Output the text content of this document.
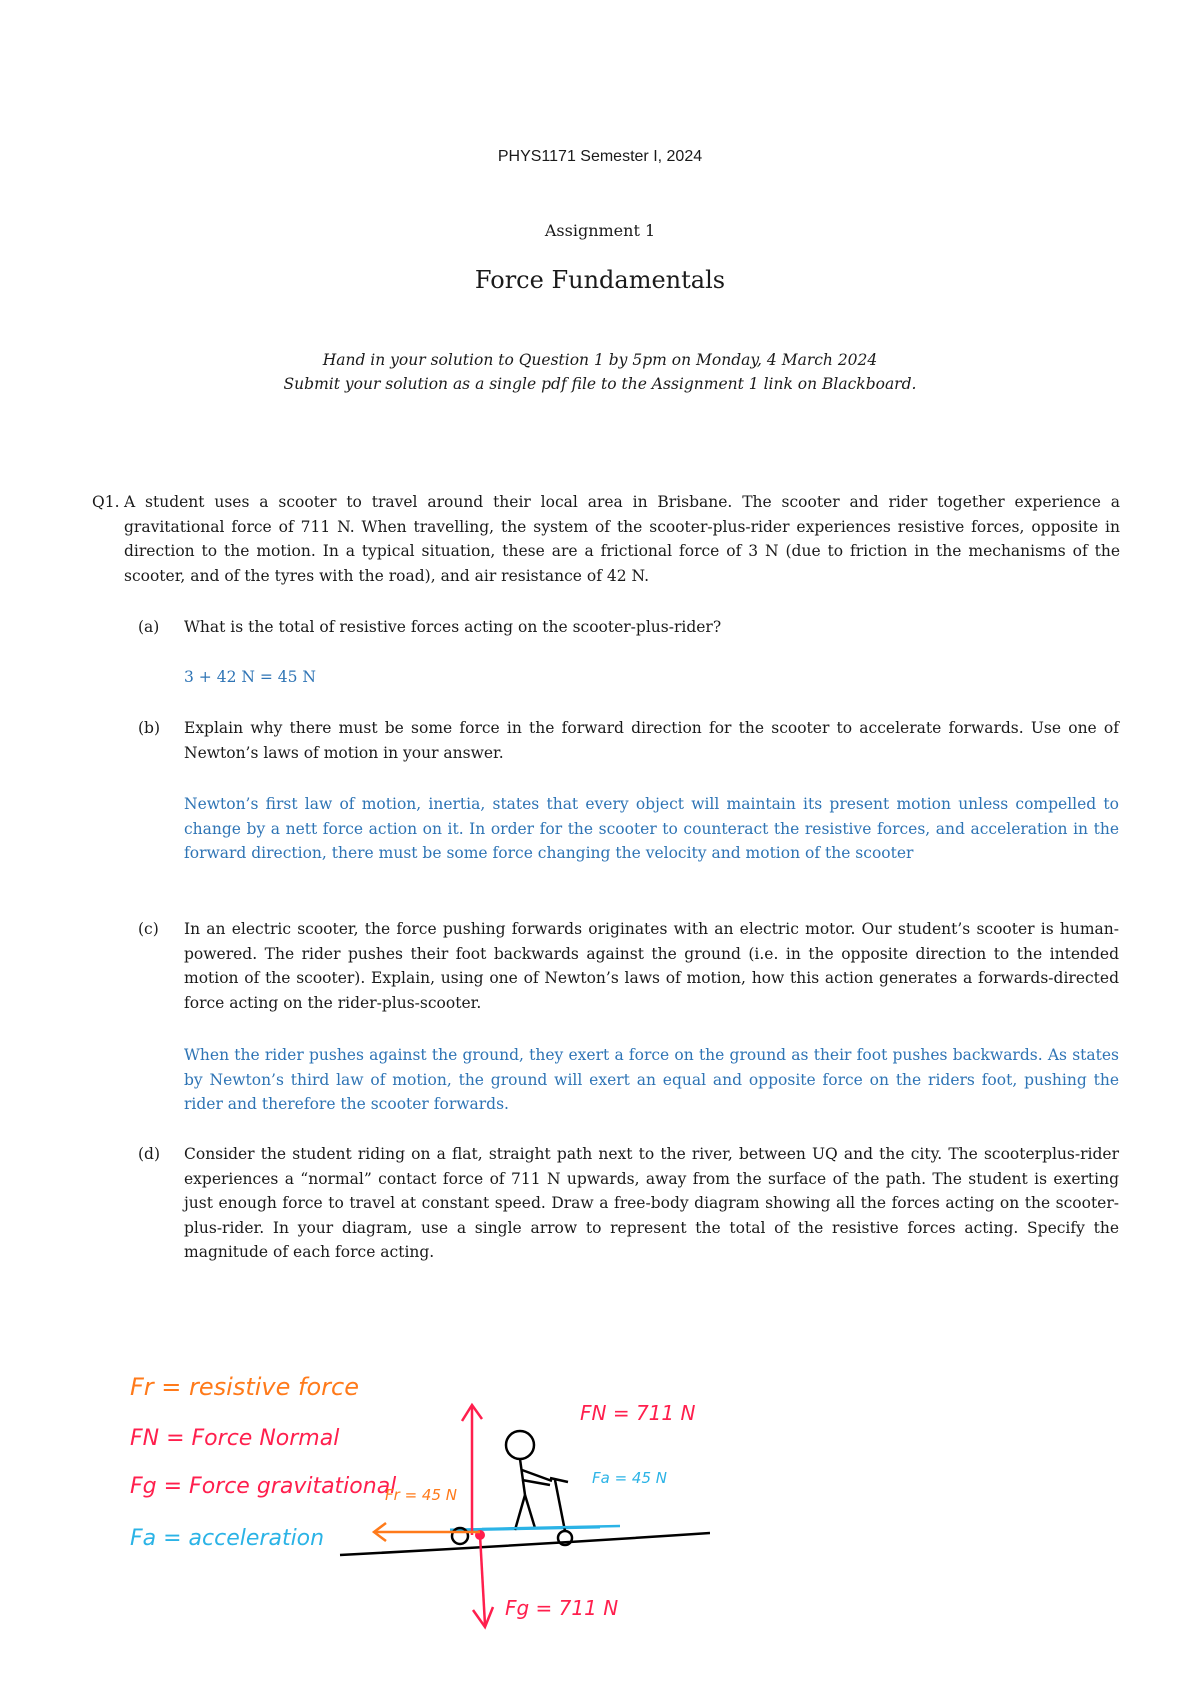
PHYS1171 Semester I, 2024
Assignment 1
Force Fundamentals
Hand in your solution to Question 1 by 5pm on Monday, 4 March 2024
Submit your solution as a single pdf file to the Assignment 1 link on Blackboard.
Q1. A student uses a scooter to travel around their local area in Brisbane. The scooter and rider together experience a gravitational force of 711 N. When travelling, the system of the scooter-plus-rider experiences resistive forces, opposite in direction to the motion. In a typical situation, these are a frictional force of 3 N (due to friction in the mechanisms of the scooter, and of the tyres with the road), and air resistance of 42 N.
(a) What is the total of resistive forces acting on the scooter-plus-rider?
3 + 42 N = 45 N
(b) Explain why there must be some force in the forward direction for the scooter to accelerate forwards. Use one of Newton’s laws of motion in your answer.
Newton’s first law of motion, inertia, states that every object will maintain its present motion unless compelled to change by a nett force action on it. In order for the scooter to counteract the resistive forces, and acceleration in the forward direction, there must be some force changing the velocity and motion of the scooter
(c) In an electric scooter, the force pushing forwards originates with an electric motor. Our student’s scooter is human-powered. The rider pushes their foot backwards against the ground (i.e. in the opposite direction to the intended motion of the scooter). Explain, using one of Newton’s laws of motion, how this action generates a forwards-directed force acting on the rider-plus-scooter.
When the rider pushes against the ground, they exert a force on the ground as their foot pushes backwards. As states by Newton’s third law of motion, the ground will exert an equal and opposite force on the riders foot, pushing the rider and therefore the scooter forwards.
(d) Consider the student riding on a flat, straight path next to the river, between UQ and the city. The scooterplus-rider experiences a “normal” contact force of 711 N upwards, away from the surface of the path. The student is exerting just enough force to travel at constant speed. Draw a free-body diagram showing all the forces acting on the scooter-plus-rider. In your diagram, use a single arrow to represent the total of the resistive forces acting. Specify the magnitude of each force acting.
Fr = resistive force
FN = Force Normal
Fg = Force gravitational
Fa = acceleration
FN = 711 N
Fg = 711 N
Fr = 45 N
Fa = 45 N
